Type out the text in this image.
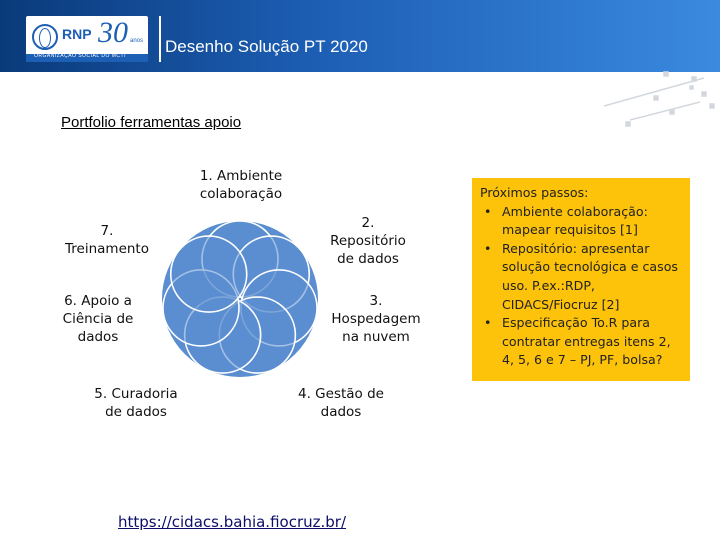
RNP 30 anos
ORGANIZAÇÃO SOCIAL DO MCTI Desenho Solução PT 2020
Portfolio ferramentas apoio
1. Ambiente
colaboração
2.
Repositório
de dados
3.
Hospedagem
na nuvem
4. Gestão de
dados
5. Curadoria
de dados
6. Apoio a
Ciência de
dados
7.
Treinamento
Próximos passos:
• Ambiente colaboração:
mapear requisitos [1]
• Repositório: apresentar
solução tecnológica e casos
uso. P.ex.:RDP,
CIDACS/Fiocruz [2]
• Especificação To.R para
contratar entregas itens 2,
4, 5, 6 e 7 – PJ, PF, bolsa?
https://cidacs.bahia.fiocruz.br/
